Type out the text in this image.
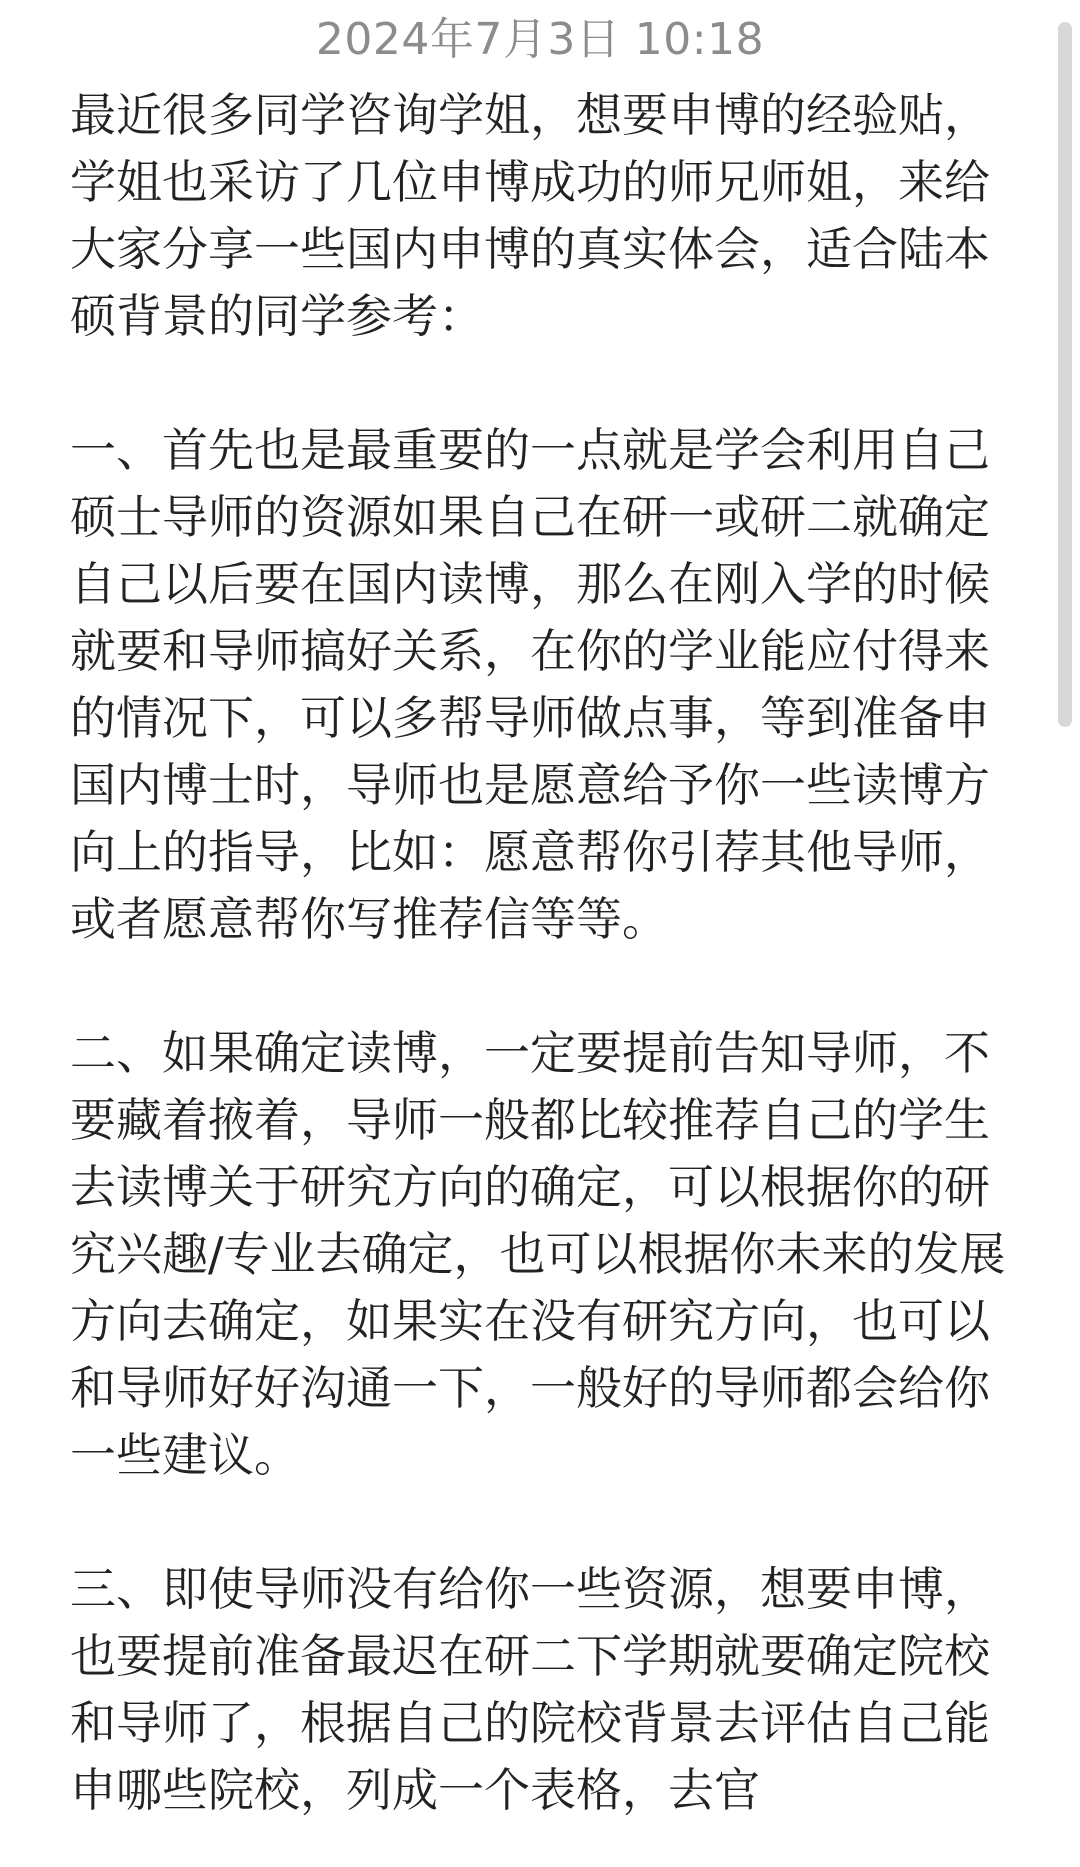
2024年7月3日 10:18

最近很多同学咨询学姐，想要申博的经验贴，学姐也采访了几位申博成功的师兄师姐，来给大家分享一些国内申博的真实体会，适合陆本硕背景的同学参考：

一、首先也是最重要的一点就是学会利用自己硕士导师的资源如果自己在研一或研二就确定自己以后要在国内读博，那么在刚入学的时候就要和导师搞好关系，在你的学业能应付得来的情况下，可以多帮导师做点事，等到准备申国内博士时，导师也是愿意给予你一些读博方向上的指导，比如：愿意帮你引荐其他导师，或者愿意帮你写推荐信等等。

二、如果确定读博，一定要提前告知导师，不要藏着掖着，导师一般都比较推荐自己的学生去读博关于研究方向的确定，可以根据你的研究兴趣/专业去确定，也可以根据你未来的发展方向去确定，如果实在没有研究方向，也可以和导师好好沟通一下，一般好的导师都会给你一些建议。

三、即使导师没有给你一些资源，想要申博，也要提前准备最迟在研二下学期就要确定院校和导师了，根据自己的院校背景去评估自己能申哪些院校，列成一个表格，去官
